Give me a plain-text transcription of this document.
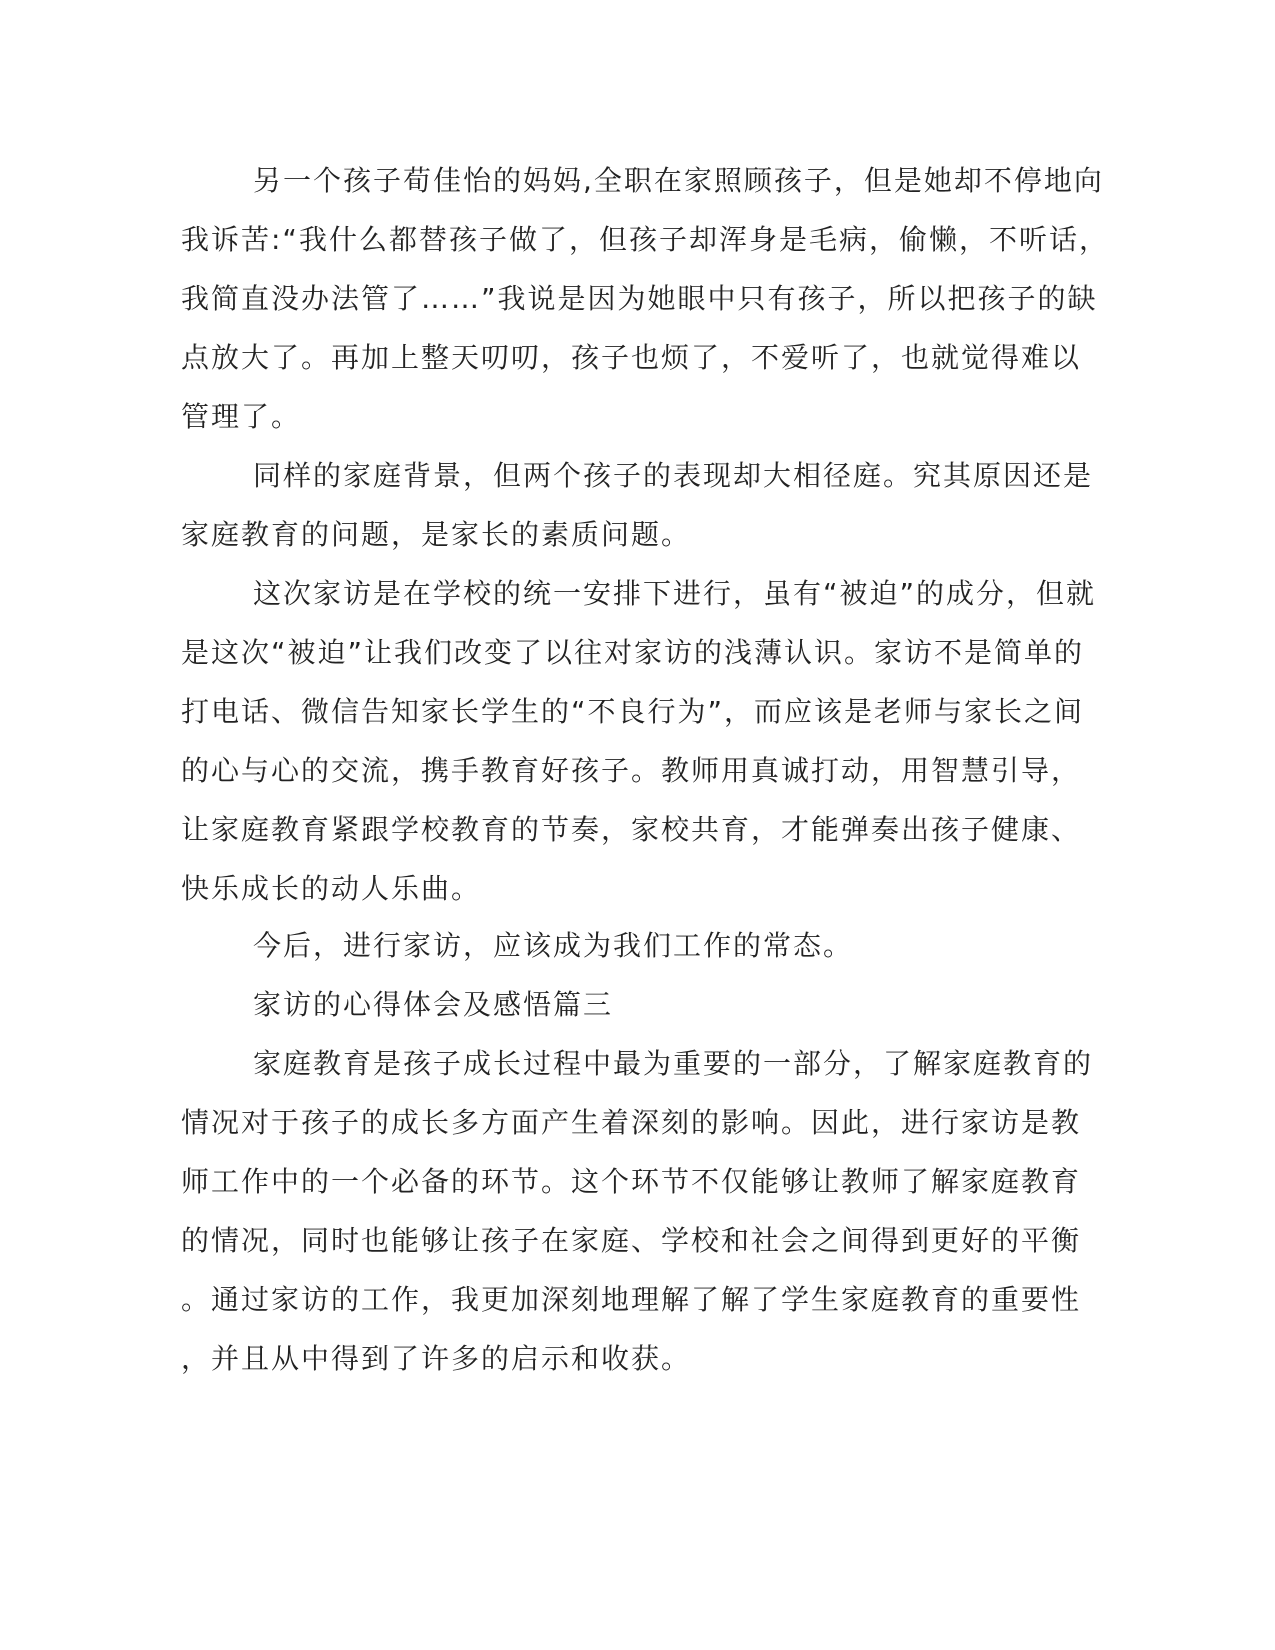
另一个孩子荀佳怡的妈妈,全职在家照顾孩子，但是她却不停地向
我诉苦:“我什么都替孩子做了，但孩子却浑身是毛病，偷懒，不听话，
我简直没办法管了……”我说是因为她眼中只有孩子，所以把孩子的缺
点放大了。再加上整天叨叨，孩子也烦了，不爱听了，也就觉得难以
管理了。
同样的家庭背景，但两个孩子的表现却大相径庭。究其原因还是
家庭教育的问题，是家长的素质问题。
这次家访是在学校的统一安排下进行，虽有“被迫”的成分，但就
是这次“被迫”让我们改变了以往对家访的浅薄认识。家访不是简单的
打电话、微信告知家长学生的“不良行为”，而应该是老师与家长之间
的心与心的交流，携手教育好孩子。教师用真诚打动，用智慧引导，
让家庭教育紧跟学校教育的节奏，家校共育，才能弹奏出孩子健康、
快乐成长的动人乐曲。
今后，进行家访，应该成为我们工作的常态。
家访的心得体会及感悟篇三
家庭教育是孩子成长过程中最为重要的一部分，了解家庭教育的
情况对于孩子的成长多方面产生着深刻的影响。因此，进行家访是教
师工作中的一个必备的环节。这个环节不仅能够让教师了解家庭教育
的情况，同时也能够让孩子在家庭、学校和社会之间得到更好的平衡
。通过家访的工作，我更加深刻地理解了解了学生家庭教育的重要性
，并且从中得到了许多的启示和收获。
